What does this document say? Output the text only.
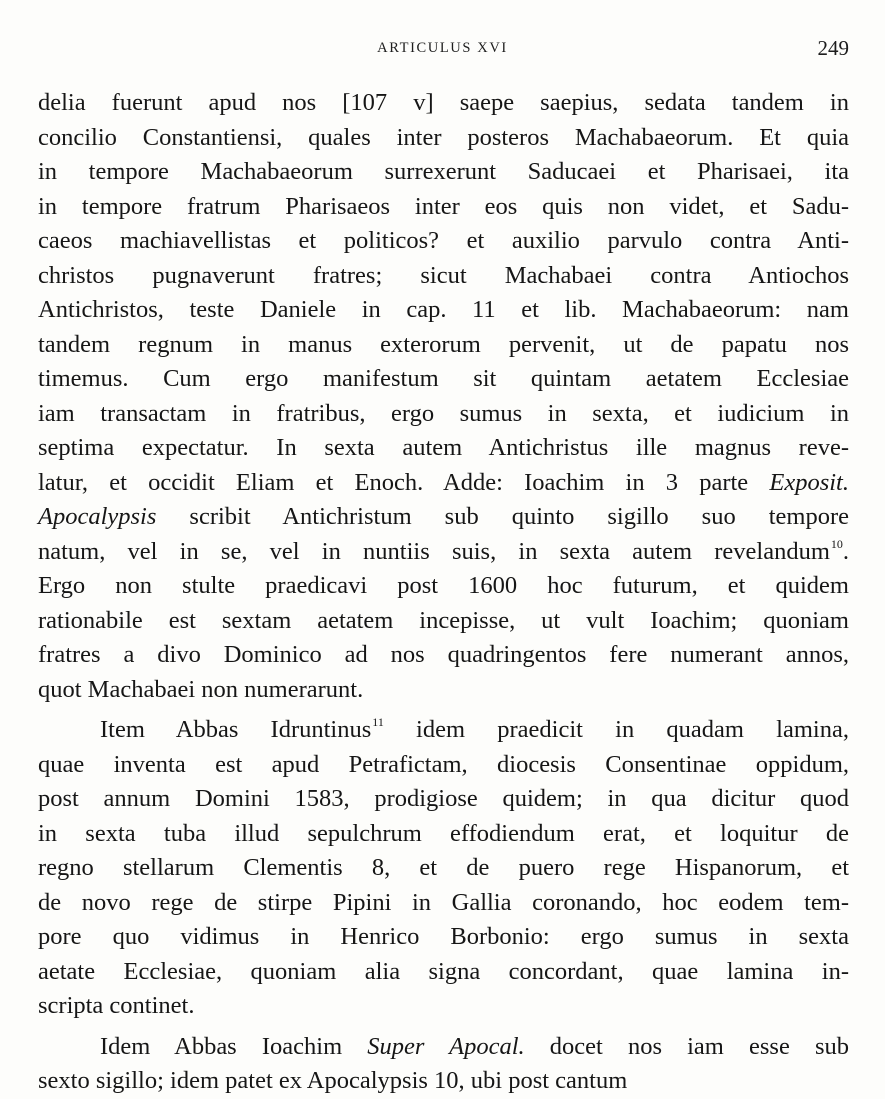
ARTICULUS XVI	249
delia fuerunt apud nos [107 v] saepe saepius, sedata tandem in
concilio Constantiensi, quales inter posteros Machabaeorum. Et quia
in tempore Machabaeorum surrexerunt Saducaei et Pharisaei, ita
in tempore fratrum Pharisaeos inter eos quis non videt, et Sadu-
caeos machiavellistas et politicos? et auxilio parvulo contra Anti-
christos pugnaverunt fratres; sicut Machabaei contra Antiochos
Antichristos, teste Daniele in cap. 11 et lib. Machabaeorum: nam
tandem regnum in manus exterorum pervenit, ut de papatu nos
timemus. Cum ergo manifestum sit quintam aetatem Ecclesiae
iam transactam in fratribus, ergo sumus in sexta, et iudicium in
septima expectatur. In sexta autem Antichristus ille magnus reve-
latur, et occidit Eliam et Enoch. Adde: Ioachim in 3 parte Exposit.
Apocalypsis scribit Antichristum sub quinto sigillo suo tempore
natum, vel in se, vel in nuntiis suis, in sexta autem revelandum$^{10}$.
Ergo non stulte praedicavi post 1600 hoc futurum, et quidem
rationabile est sextam aetatem incepisse, ut vult Ioachim; quoniam
fratres a divo Dominico ad nos quadringentos fere numerant annos,
quot Machabaei non numerarunt.
Item Abbas Idruntinus$^{11}$ idem praedicit in quadam lamina,
quae inventa est apud Petrafictam, diocesis Consentinae oppidum,
post annum Domini 1583, prodigiose quidem; in qua dicitur quod
in sexta tuba illud sepulchrum effodiendum erat, et loquitur de
regno stellarum Clementis 8, et de puero rege Hispanorum, et
de novo rege de stirpe Pipini in Gallia coronando, hoc eodem tem-
pore quo vidimus in Henrico Borbonio: ergo sumus in sexta
aetate Ecclesiae, quoniam alia signa concordant, quae lamina in-
scripta continet.
Idem Abbas Ioachim Super Apocal. docet nos iam esse sub
sexto sigillo; idem patet ex Apocalypsis 10, ubi post cantum
